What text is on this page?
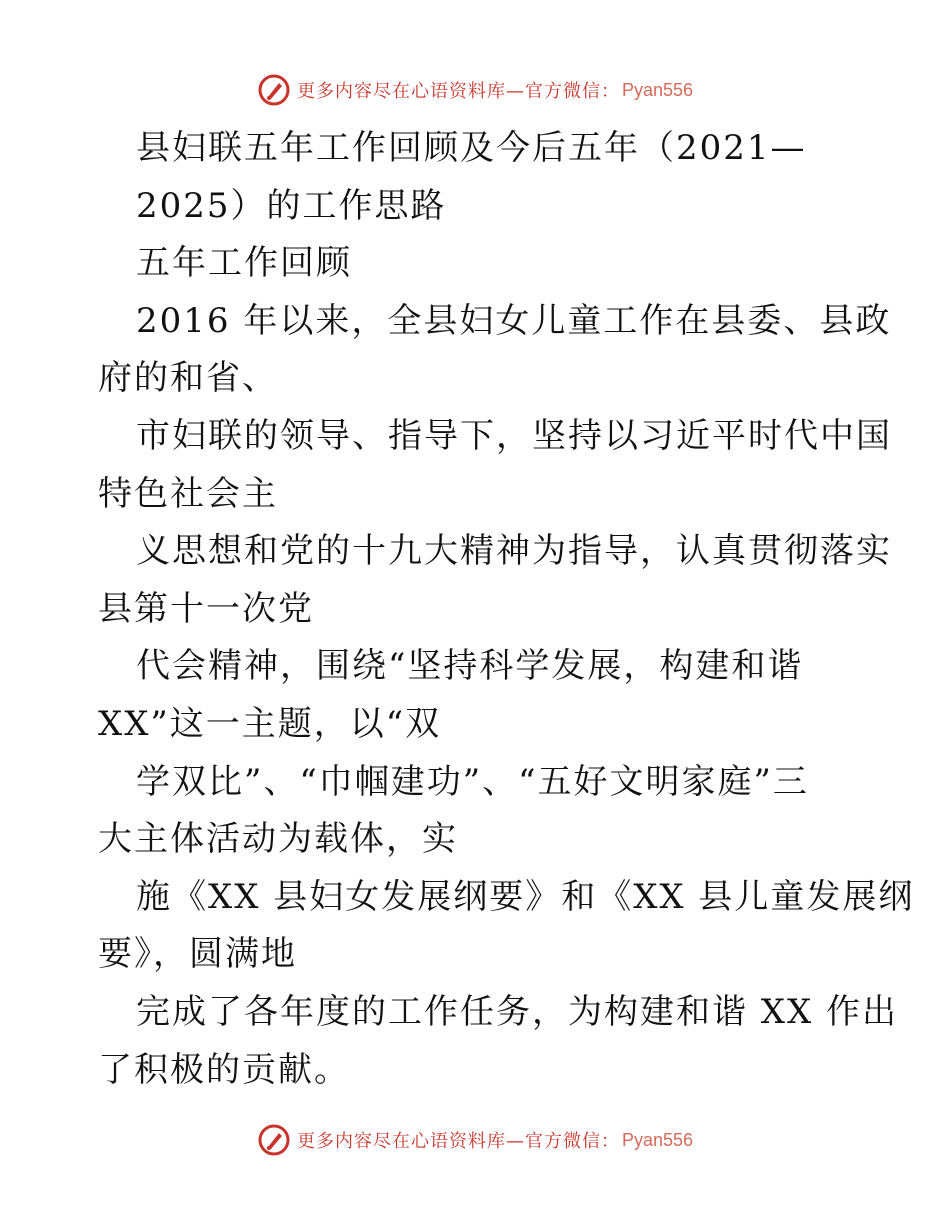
更多内容尽在心语资料库—官方微信： Pyan556

县妇联五年工作回顾及今后五年（2021—

2025）的工作思路

五年工作回顾

2016 年以来，全县妇女儿童工作在县委、县政

府的和省、

市妇联的领导、指导下，坚持以习近平时代中国

特色社会主

义思想和党的十九大精神为指导，认真贯彻落实

县第十一次党

代会精神，围绕“坚持科学发展，构建和谐

XX”这一主题，以“双

学双比”、“巾帼建功”、“五好文明家庭”三

大主体活动为载体，实

施《XX 县妇女发展纲要》和《XX 县儿童发展纲

要》，圆满地

完成了各年度的工作任务，为构建和谐 XX 作出

了积极的贡献。

更多内容尽在心语资料库—官方微信： Pyan556
